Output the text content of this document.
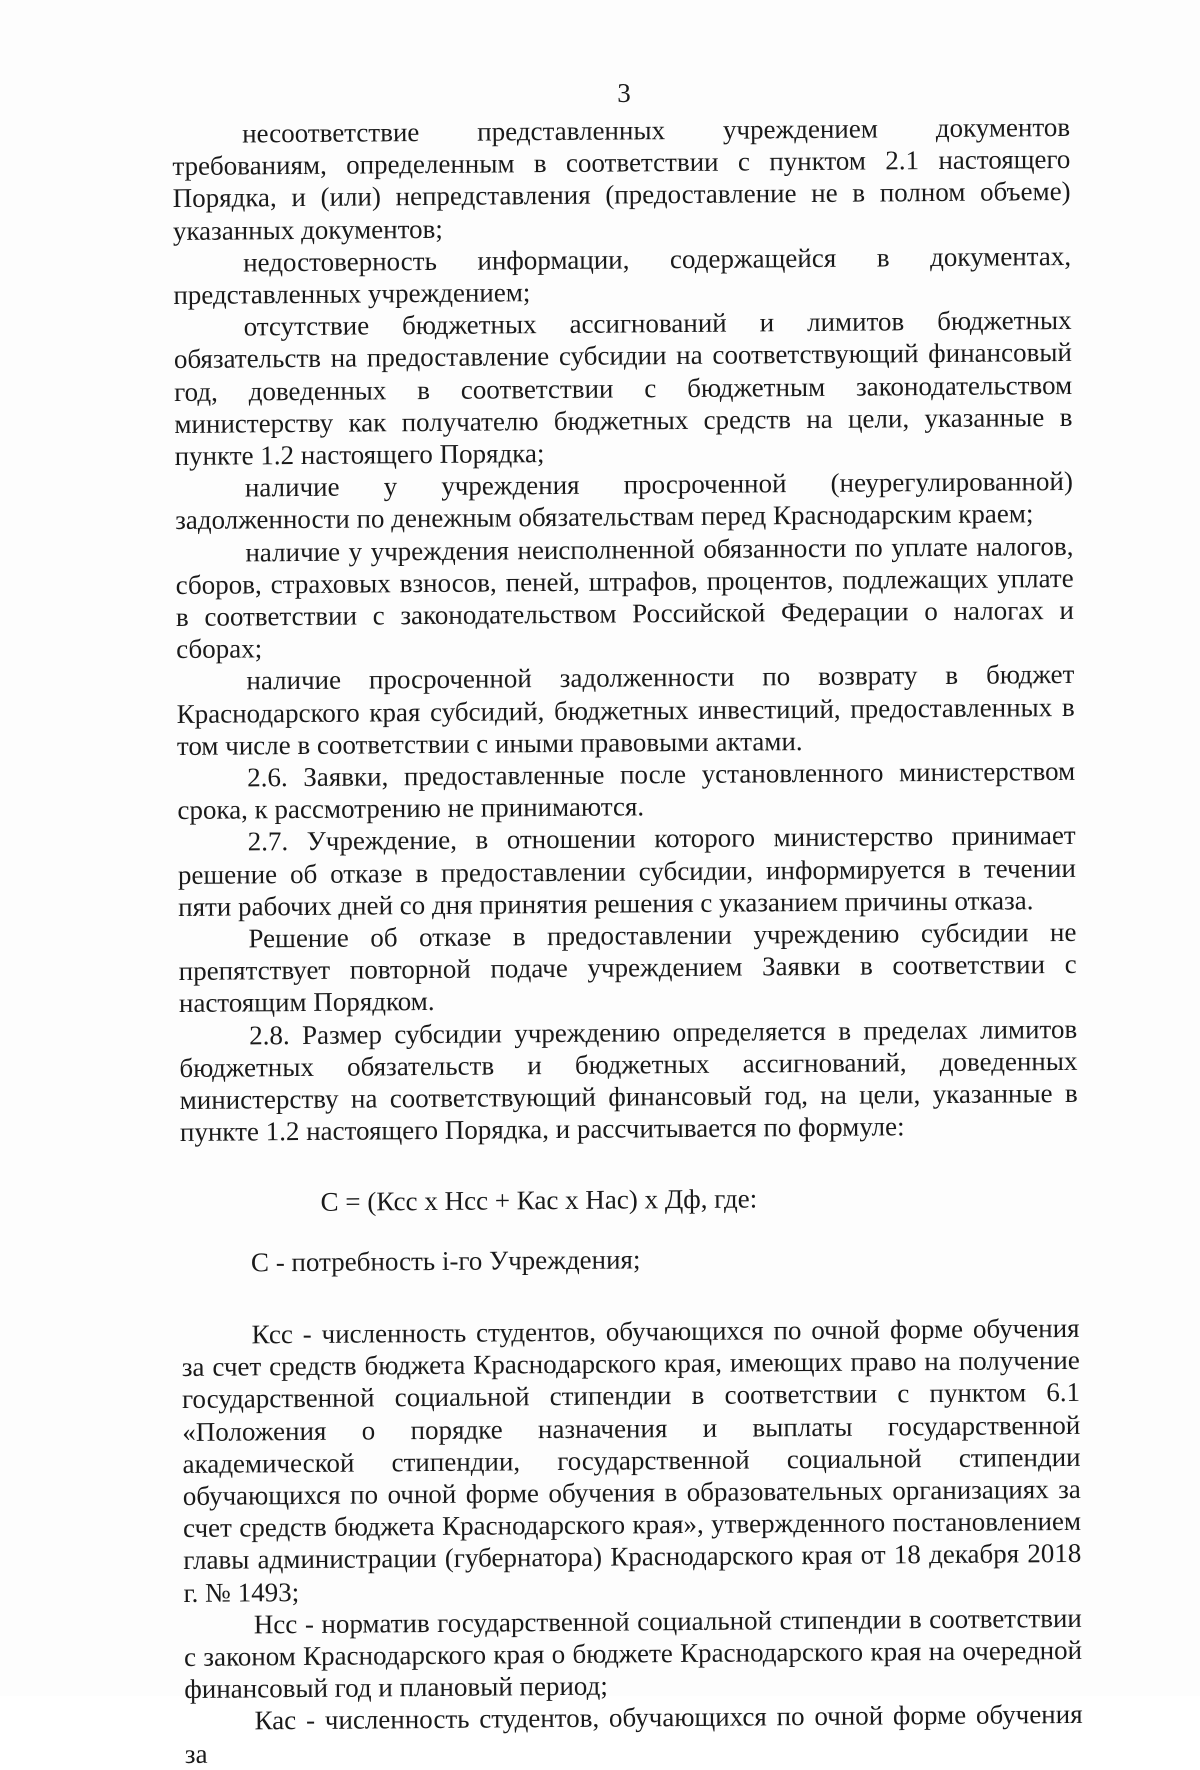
3

несоответствие представленных учреждением документов требованиям, определенным в соответствии с пунктом 2.1 настоящего Порядка, и (или) непредставления (предоставление не в полном объеме) указанных документов;

недостоверность информации, содержащейся в документах, представленных учреждением;

отсутствие бюджетных ассигнований и лимитов бюджетных обязательств на предоставление субсидии на соответствующий финансовый год, доведенных в соответствии с бюджетным законодательством министерству как получателю бюджетных средств на цели, указанные в пункте 1.2 настоящего Порядка;

наличие у учреждения просроченной (неурегулированной) задолженности по денежным обязательствам перед Краснодарским краем;

наличие у учреждения неисполненной обязанности по уплате налогов, сборов, страховых взносов, пеней, штрафов, процентов, подлежащих уплате в соответствии с законодательством Российской Федерации о налогах и сборах;

наличие просроченной задолженности по возврату в бюджет Краснодарского края субсидий, бюджетных инвестиций, предоставленных в том числе в соответствии с иными правовыми актами.

2.6. Заявки, предоставленные после установленного министерством срока, к рассмотрению не принимаются.

2.7. Учреждение, в отношении которого министерство принимает решение об отказе в предоставлении субсидии, информируется в течении пяти рабочих дней со дня принятия решения с указанием причины отказа.

Решение об отказе в предоставлении учреждению субсидии не препятствует повторной подаче учреждением Заявки в соответствии с настоящим Порядком.

2.8. Размер субсидии учреждению определяется в пределах лимитов бюджетных обязательств и бюджетных ассигнований, доведенных министерству на соответствующий финансовый год, на цели, указанные в пункте 1.2 настоящего Порядка, и рассчитывается по формуле:

С = (Ксс х Нсс + Кас х Нас) х Дф, где:

С - потребность i-го Учреждения;

Ксс - численность студентов, обучающихся по очной форме обучения за счет средств бюджета Краснодарского края, имеющих право на получение государственной социальной стипендии в соответствии с пунктом 6.1 «Положения о порядке назначения и выплаты государственной академической стипендии, государственной социальной стипендии обучающихся по очной форме обучения в образовательных организациях за счет средств бюджета Краснодарского края», утвержденного постановлением главы администрации (губернатора) Краснодарского края от 18 декабря 2018 г. № 1493;

Нсс - норматив государственной социальной стипендии в соответствии с законом Краснодарского края о бюджете Краснодарского края на очередной финансовый год и плановый период;

Кас - численность студентов, обучающихся по очной форме обучения за
